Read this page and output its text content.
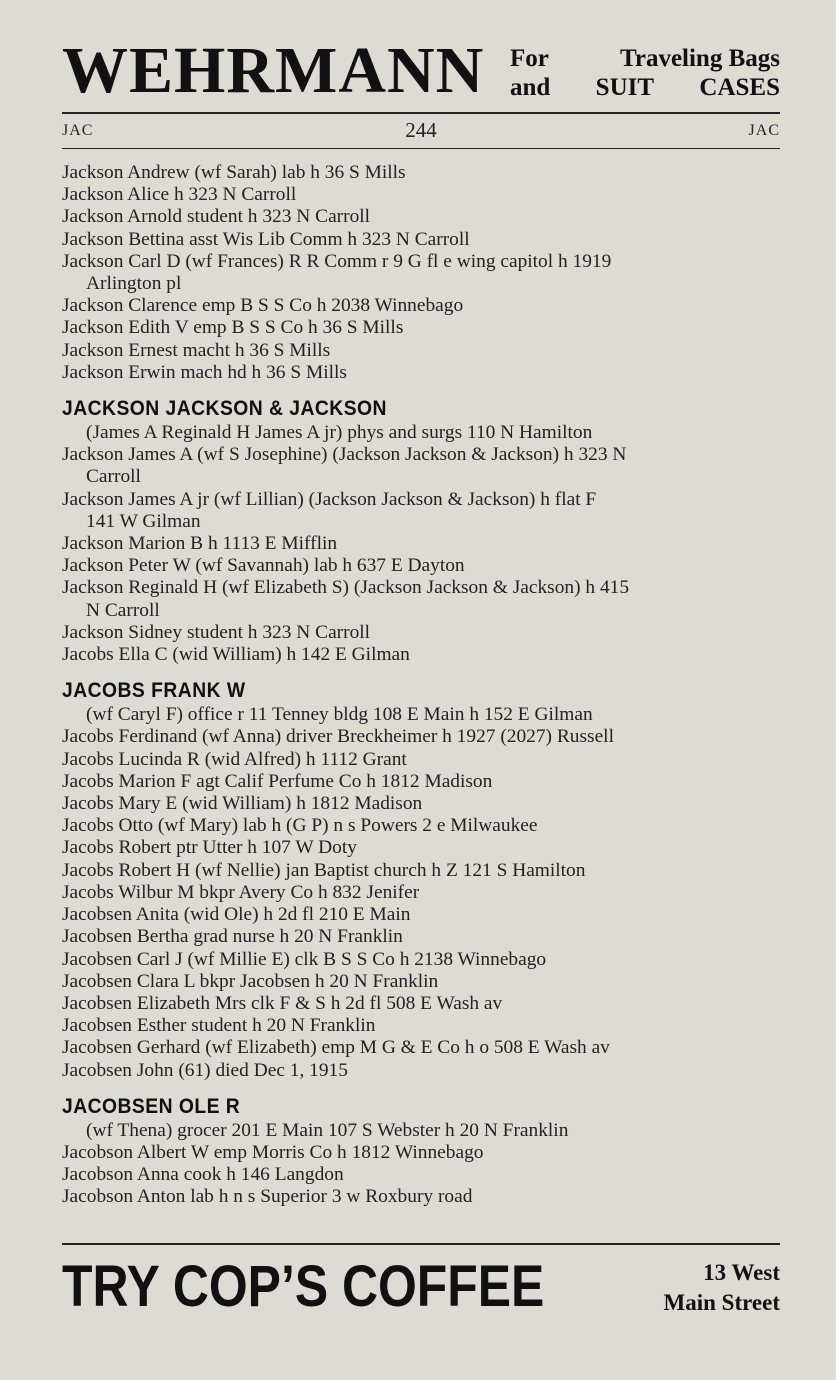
WEHRMANN For	Traveling Bags
and SUIT CASES
JAC	244	JAC
Jackson Andrew (wf Sarah) lab h 36 S Mills
Jackson Alice h 323 N Carroll
Jackson Arnold student h 323 N Carroll
Jackson Bettina asst Wis Lib Comm h 323 N Carroll
Jackson Carl D (wf Frances) R R Comm r 9 G fl e wing capitol h 1919
Arlington pl
Jackson Clarence emp B S S Co h 2038 Winnebago
Jackson Edith V emp B S S Co h 36 S Mills
Jackson Ernest macht h 36 S Mills
Jackson Erwin mach hd h 36 S Mills
JACKSON JACKSON & JACKSON
(James A Reginald H James A jr) phys and surgs 110 N Hamilton
Jackson James A (wf S Josephine) (Jackson Jackson & Jackson) h 323 N
Carroll
Jackson James A jr (wf Lillian) (Jackson Jackson & Jackson) h flat F
141 W Gilman
Jackson Marion B h 1113 E Mifflin
Jackson Peter W (wf Savannah) lab h 637 E Dayton
Jackson Reginald H (wf Elizabeth S) (Jackson Jackson & Jackson) h 415
N Carroll
Jackson Sidney student h 323 N Carroll
Jacobs Ella C (wid William) h 142 E Gilman
JACOBS FRANK W
(wf Caryl F) office r 11 Tenney bldg 108 E Main h 152 E Gilman
Jacobs Ferdinand (wf Anna) driver Breckheimer h 1927 (2027) Russell
Jacobs Lucinda R (wid Alfred) h 1112 Grant
Jacobs Marion F agt Calif Perfume Co h 1812 Madison
Jacobs Mary E (wid William) h 1812 Madison
Jacobs Otto (wf Mary) lab h (G P) n s Powers 2 e Milwaukee
Jacobs Robert ptr Utter h 107 W Doty
Jacobs Robert H (wf Nellie) jan Baptist church h Z 121 S Hamilton
Jacobs Wilbur M bkpr Avery Co h 832 Jenifer
Jacobsen Anita (wid Ole) h 2d fl 210 E Main
Jacobsen Bertha grad nurse h 20 N Franklin
Jacobsen Carl J (wf Millie E) clk B S S Co h 2138 Winnebago
Jacobsen Clara L bkpr Jacobsen h 20 N Franklin
Jacobsen Elizabeth Mrs clk F & S h 2d fl 508 E Wash av
Jacobsen Esther student h 20 N Franklin
Jacobsen Gerhard (wf Elizabeth) emp M G & E Co h o 508 E Wash av
Jacobsen John (61) died Dec 1, 1915
JACOBSEN OLE R
(wf Thena) grocer 201 E Main 107 S Webster h 20 N Franklin
Jacobson Albert W emp Morris Co h 1812 Winnebago
Jacobson Anna cook h 146 Langdon
Jacobson Anton lab h n s Superior 3 w Roxbury road
TRY COP’S COFFEE	13 West
Main Street
